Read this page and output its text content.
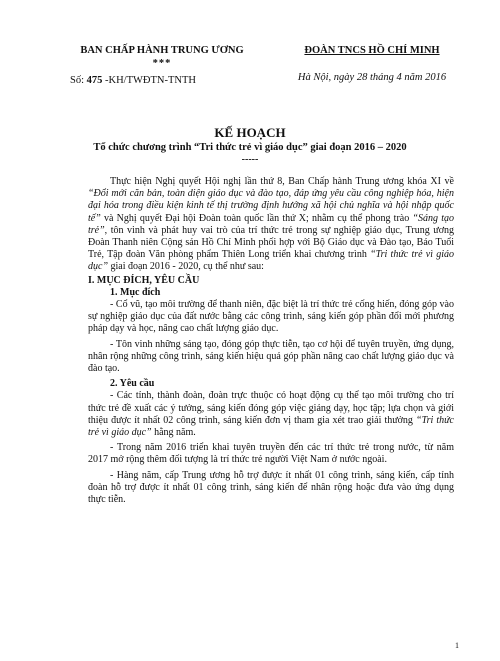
BAN CHẤP HÀNH TRUNG ƯƠNG
***
Số: 475 -KH/TWĐTN-TNTH
ĐOÀN TNCS HỒ CHÍ MINH
Hà Nội, ngày 28 tháng 4 năm 2016
KẾ HOẠCH
Tổ chức chương trình “Tri thức trẻ vì giáo dục” giai đoạn 2016 – 2020
-----

Thực hiện Nghị quyết Hội nghị lần thứ 8, Ban Chấp hành Trung ương khóa XI về “Đổi mới căn bản, toàn diện giáo dục và đào tạo, đáp ứng yêu cầu công nghiệp hóa, hiện đại hóa trong điều kiện kinh tế thị trường định hướng xã hội chủ nghĩa và hội nhập quốc tế” và Nghị quyết Đại hội Đoàn toàn quốc lần thứ X; nhằm cụ thể phong trào “Sáng tạo trẻ”, tôn vinh và phát huy vai trò của trí thức trẻ trong sự nghiệp giáo dục, Trung ương Đoàn Thanh niên Cộng sản Hồ Chí Minh phối hợp với Bộ Giáo dục và Đào tạo, Báo Tuổi Trẻ, Tập đoàn Văn phòng phẩm Thiên Long triển khai chương trình “Tri thức trẻ vì giáo dục” giai đoạn 2016 - 2020, cụ thể như sau:

I. MỤC ĐÍCH, YÊU CẦU

1. Mục đích

- Cổ vũ, tạo môi trường để thanh niên, đặc biệt là trí thức trẻ cống hiến, đóng góp vào sự nghiệp giáo dục của đất nước bằng các công trình, sáng kiến góp phần đổi mới phương pháp dạy và học, nâng cao chất lượng giáo dục.

- Tôn vinh những sáng tạo, đóng góp thực tiễn, tạo cơ hội để tuyên truyền, ứng dụng, nhân rộng những công trình, sáng kiến hiệu quả góp phần nâng cao chất lượng giáo dục và đào tạo.

2. Yêu cầu

- Các tỉnh, thành đoàn, đoàn trực thuộc có hoạt động cụ thể tạo môi trường cho trí thức trẻ đề xuất các ý tưởng, sáng kiến đóng góp việc giảng dạy, học tập; lựa chọn và giới thiệu được ít nhất 02 công trình, sáng kiến đơn vị tham gia xét trao giải thưởng “Tri thức trẻ vì giáo dục” hằng năm.

- Trong năm 2016 triển khai tuyên truyền đến các trí thức trẻ trong nước, từ năm 2017 mở rộng thêm đối tượng là trí thức trẻ người Việt Nam ở nước ngoài.

- Hàng năm, cấp Trung ương hỗ trợ được ít nhất 01 công trình, sáng kiến, cấp tỉnh đoàn hỗ trợ được ít nhất 01 công trình, sáng kiến để nhân rộng hoặc đưa vào ứng dụng thực tiễn.

1
